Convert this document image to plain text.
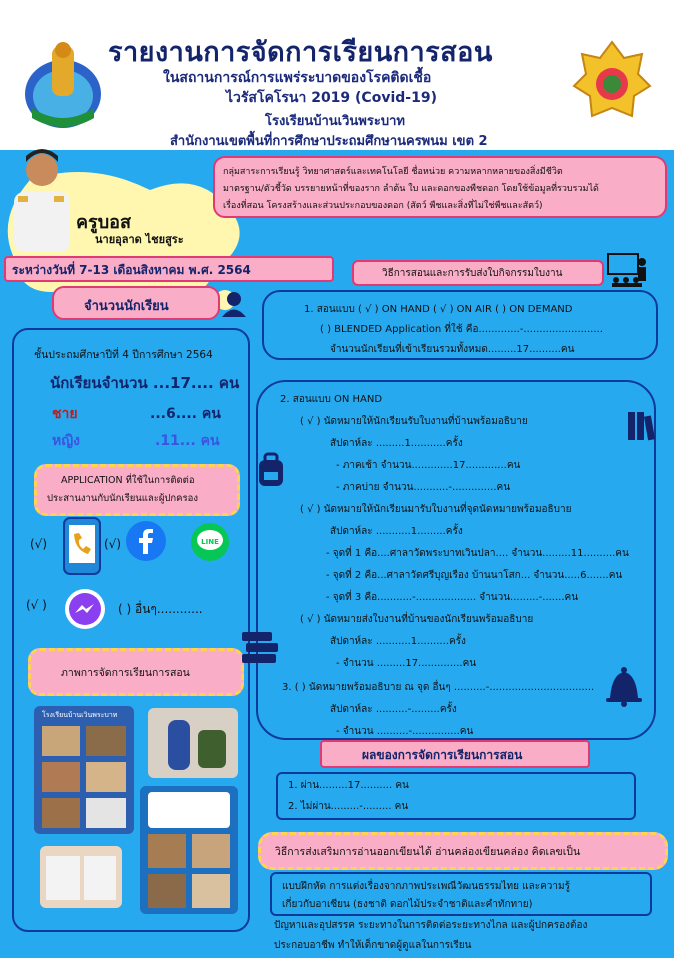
รายงานการจัดการเรียนการสอน
ในสถานการณ์การแพร่ระบาดของโรคติดเชื้อ
ไวรัสโคโรนา 2019 (Covid-19)
โรงเรียนบ้านเวินพระบาท
สำนักงานเขตพื้นที่การศึกษาประถมศึกษานครพนม เขต 2
ครูบอส
นายอุลาด ไชยสูระ
กลุ่มสาระการเรียนรู้ วิทยาศาสตร์และเทคโนโลยี ชื่อหน่วย ความหลากหลายของสิ่งมีชีวิต
มาตรฐาน/ตัวชี้วัด บรรยายหน้าที่ของราก ลำต้น ใบ และดอกของพืชดอก โดยใช้ข้อมูลที่รวบรวมได้
เรื่องที่สอน โครงสร้างและส่วนประกอบของดอก (สัตว์ พืชและสิ่งที่ไม่ใช่พืชและสัตว์)
ระหว่างวันที่ 7-13 เดือนสิงหาคม พ.ศ. 2564	วิธีการสอนและการรับส่งใบกิจกรรมใบงาน
จำนวนนักเรียน
ชั้นประถมศึกษาปีที่ 4 ปีการศึกษา 2564
นักเรียนจำนวน ...17.... คน
ชาย	...6.... คน
หญิง	.11... คน
APPLICATION ที่ใช้ในการติดต่อ
ประสานงานกับนักเรียนและผู้ปกครอง
(√)	(√)	LINE
(√ )	( ) อื่นๆ............
ภาพการจัดการเรียนการสอน
โรงเรียนบ้านเวินพระบาท
1. สอนแบบ ( √ ) ON HAND ( √ ) ON AIR ( ) ON DEMAND
( ) BLENDED Application ที่ใช้ คือ.............-.........................
จำนวนนักเรียนที่เข้าเรียนรวมทั้งหมด.........17..........คน
2. สอนแบบ ON HAND
( √ ) นัดหมายให้นักเรียนรับใบงานที่บ้านพร้อมอธิบาย
สัปดาห์ละ .........1...........ครั้ง
- ภาคเช้า จำนวน.............17.............คน
- ภาคบ่าย จำนวน...........-..............คน
( √ ) นัดหมายให้นักเรียนมารับใบงานที่จุดนัดหมายพร้อมอธิบาย
สัปดาห์ละ ...........1.........ครั้ง
- จุดที่ 1 คือ....ศาลาวัดพระบาทเวินปลา.... จำนวน.........11..........คน
- จุดที่ 2 คือ...ศาลาวัดศรีบุญเรือง บ้านนาโสก... จำนวน.....6.......คน
- จุดที่ 3 คือ...........-................... จำนวน.........-.......คน
( √ ) นัดหมายส่งใบงานที่บ้านของนักเรียนพร้อมอธิบาย
สัปดาห์ละ ...........1..........ครั้ง
- จำนวน .........17..............คน
3. ( ) นัดหมายพร้อมอธิบาย ณ จุด อื่นๆ ..........-.................................
สัปดาห์ละ ..........-.........ครั้ง
- จำนวน ..........-...............คน
ผลของการจัดการเรียนการสอน
1. ผ่าน.........17.......... คน
2. ไม่ผ่าน.........-......... คน
วิธีการส่งเสริมการอ่านออกเขียนได้ อ่านคล่องเขียนคล่อง คิดเลขเป็น
แบบฝึกหัด การแต่งเรื่องจากภาพประเพณีวัฒนธรรมไทย และความรู้
เกี่ยวกับอาเซียน (ธงชาติ ดอกไม้ประจำชาติและคำทักทาย)
ปัญหาและอุปสรรค ระยะทางในการติดต่อระยะทางไกล และผู้ปกครองต้อง
ประกอบอาชีพ ทำให้เด็กขาดผู้ดูแลในการเรียน
